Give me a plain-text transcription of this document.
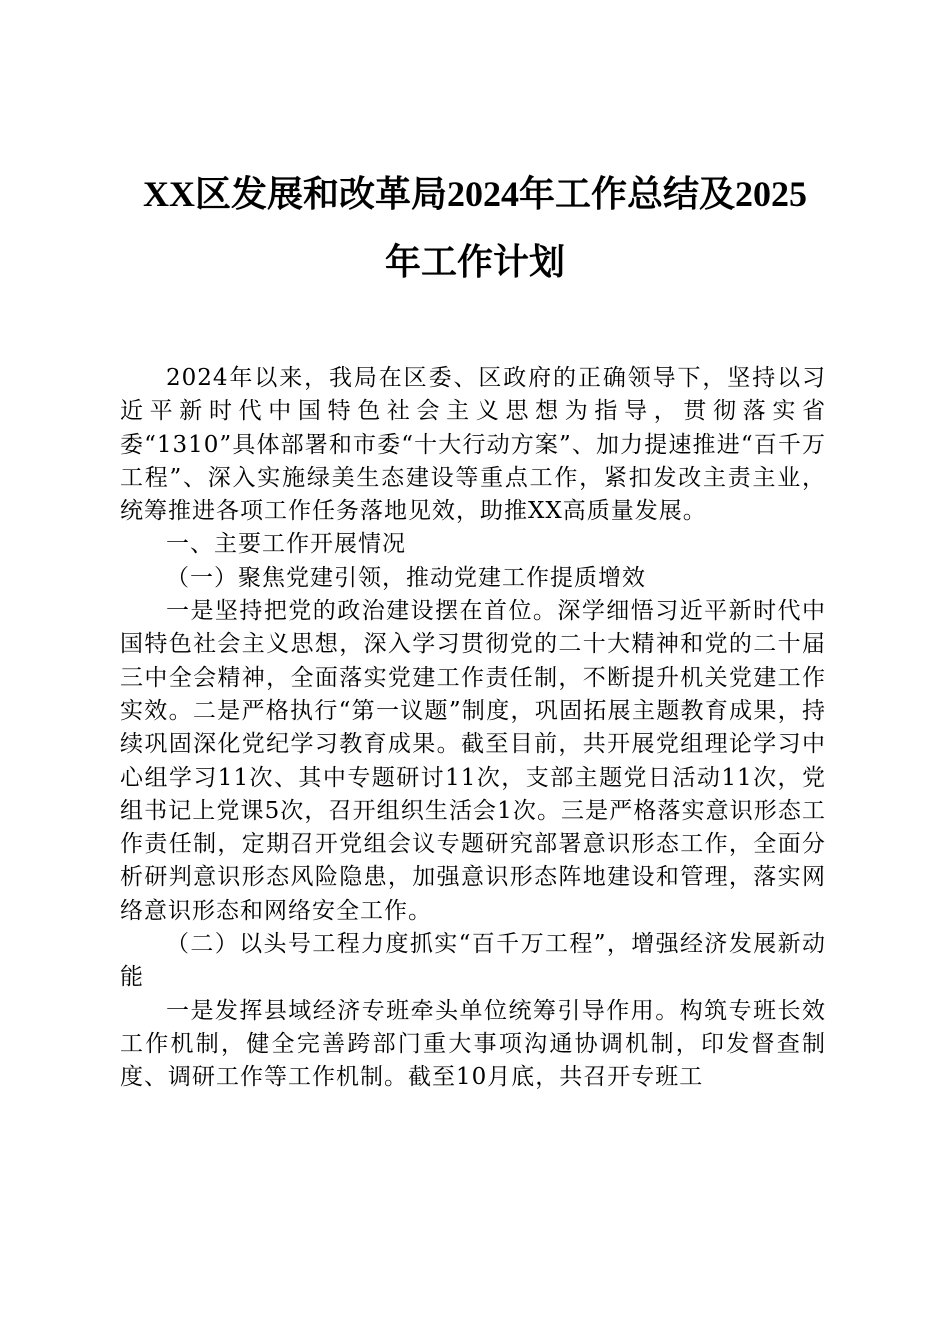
XX区发展和改革局2024年工作总结及2025
年工作计划

2024年以来，我局在区委、区政府的正确领导下，坚持以习近平新时代中国特色社会主义思想为指导，贯彻落实省委“1310”具体部署和市委“十大行动方案”、加力提速推进“百千万工程”、深入实施绿美生态建设等重点工作，紧扣发改主责主业，统筹推进各项工作任务落地见效，助推XX高质量发展。

一、主要工作开展情况

（一）聚焦党建引领，推动党建工作提质增效

一是坚持把党的政治建设摆在首位。深学细悟习近平新时代中国特色社会主义思想，深入学习贯彻党的二十大精神和党的二十届三中全会精神，全面落实党建工作责任制，不断提升机关党建工作实效。二是严格执行“第一议题”制度，巩固拓展主题教育成果，持续巩固深化党纪学习教育成果。截至目前，共开展党组理论学习中心组学习11次、其中专题研讨11次，支部主题党日活动11次，党组书记上党课5次，召开组织生活会1次。三是严格落实意识形态工作责任制，定期召开党组会议专题研究部署意识形态工作，全面分析研判意识形态风险隐患，加强意识形态阵地建设和管理，落实网络意识形态和网络安全工作。

（二）以头号工程力度抓实“百千万工程”，增强经济发展新动能

一是发挥县域经济专班牵头单位统筹引导作用。构筑专班长效工作机制，健全完善跨部门重大事项沟通协调机制，印发督查制度、调研工作等工作机制。截至10月底，共召开专班工
